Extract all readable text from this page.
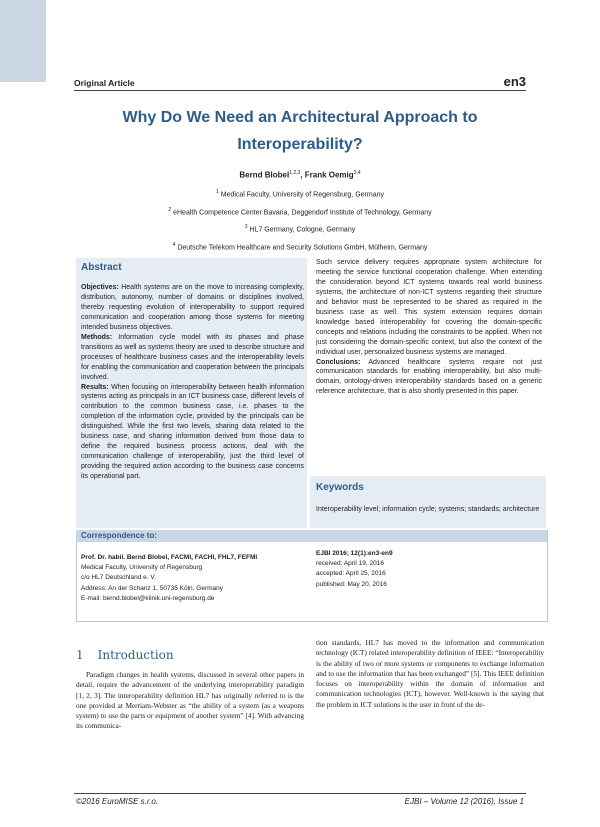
Original Article	en3
Why Do We Need an Architectural Approach to
Interoperability?
Bernd Blobel$^{1,2,3}$, Frank Oemig$^{3,4}$
$^1$ Medical Faculty, University of Regensburg, Germany
$^2$ eHealth Competence Center Bavaria, Deggendorf Institute of Technology, Germany
$^3$ HL7 Germany, Cologne, Germany
$^4$ Deutsche Telekom Healthcare and Security Solutions GmbH, Mülheim, Germany
Abstract
Objectives: Health systems are on the move to increasing complexity, distribution, autonomy, number of domains or disciplines involved, thereby requesting evolution of interoperability to support required communication and cooperation among those systems for meeting intended business objectives.
Methods: Information cycle model with its phases and phase transitions as well as systems theory are used to describe structure and processes of healthcare business cases and the interoperability levels for enabling the communication and cooperation between the principals involved.
Results: When focusing on interoperability between health information systems acting as principals in an ICT business case, different levels of contribution to the common business case, i.e. phases to the completion of the information cycle, provided by the principals can be distinguished. While the first two levels, sharing data related to the business case, and sharing information derived from those data to define the required business process actions, deal with the communication challenge of interoperability, just the third level of providing the required action according to the business case concerns its operational part.
Such service delivery requires appropriate system architecture for meeting the service functional cooperation challenge. When extending the consideration beyond ICT systems towards real world business systems, the architecture of non-ICT systems regarding their structure and behavior must be represented to be shared as required in the business case as well. This system extension requires domain knowledge based interoperability for covering the domain-specific concepts and relations including the constraints to be applied. When not just considering the domain-specific context, but also the context of the individual user, personalized business systems are managed.
Conclusions: Advanced healthcare systems require not just communication standards for enabling interoperability, but also multi-domain, ontology-driven interoperability standards based on a generic reference architecture, that is also shortly presented in this paper.
Keywords
Interoperability level; information cycle; systems; standards; architecture
Correspondence to:
Prof. Dr. habil. Bernd Blobel, FACMI, FACHI, FHL7, FEFMI
Medical Faculty, University of Regensburg
c/o HL7 Deutschland e. V.
Address: An der Schanz 1, 50735 Köln, Germany
E-mail: bernd.blobel@klinik.uni-regensburg.de
EJBI 2016; 12(1):en3-en9
received: April 19, 2016
accepted: April 25, 2016
published: May 20, 2016
1 Introduction
Paradigm changes in health systems, discussed in several other papers in detail, require the advancement of the underlying interoperability paradigm [1, 2, 3]. The interoperability definition HL7 has originally referred to is the one provided at Merriam-Webster as “the ability of a system (as a weapons system) to use the parts or equipment of another system” [4]. With advancing its communica-
tion standards, HL7 has moved to the information and communication technology (ICT) related interoperability definition of IEEE: “Interoperability is the ability of two or more systems or components to exchange information and to use the information that has been exchanged” [5]. This IEEE definition focuses on interoperability within the domain of information and communication technologies (ICT), however. Well-known is the saying that the problem in ICT solutions is the user in front of the de-
©2016 EuroMISE s.r.o.	EJBI – Volume 12 (2016), Issue 1
